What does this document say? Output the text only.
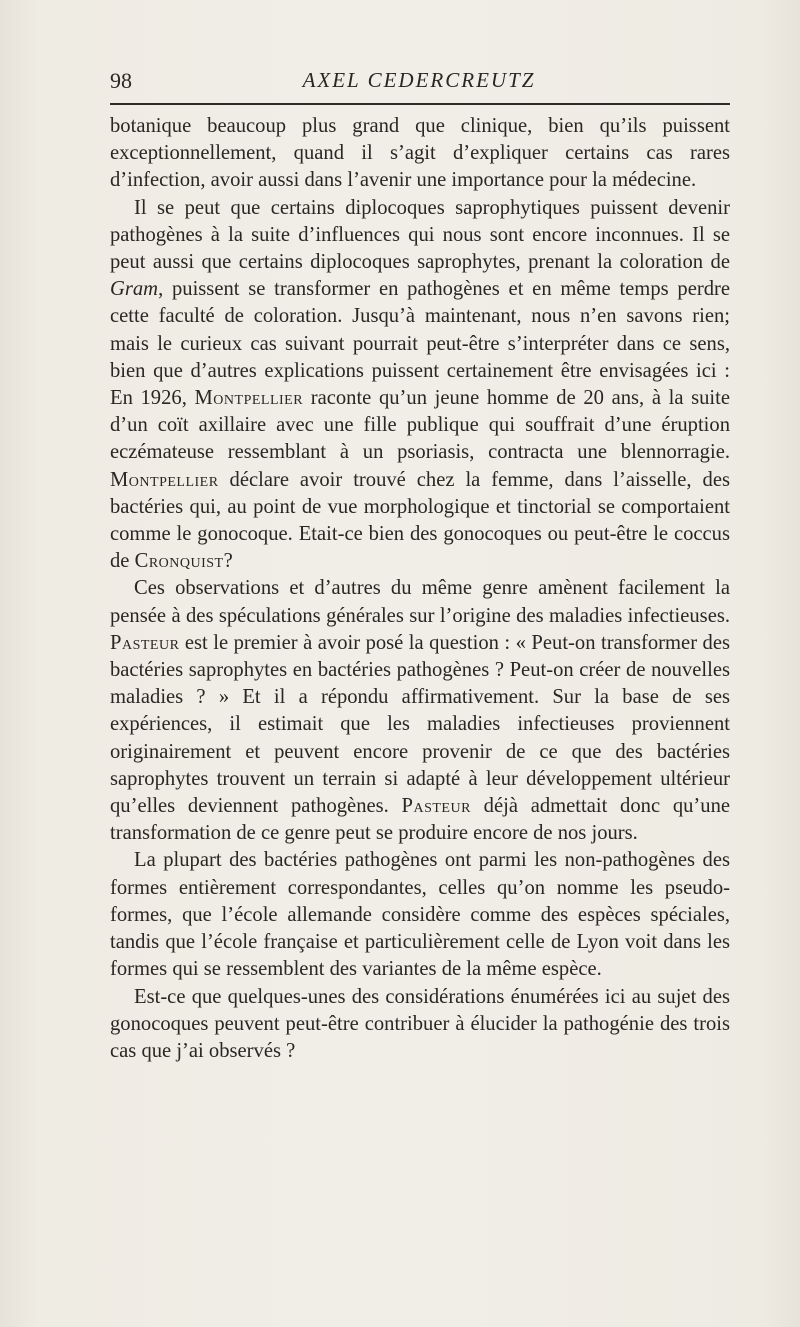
98	AXEL CEDERCREUTZ

botanique beaucoup plus grand que clinique, bien qu’ils puissent exceptionnellement, quand il s’agit d’expliquer certains cas rares d’infection, avoir aussi dans l’avenir une importance pour la médecine.

Il se peut que certains diplocoques saprophytiques puissent devenir pathogènes à la suite d’influences qui nous sont encore inconnues. Il se peut aussi que certains diplocoques saprophytes, prenant la coloration de Gram, puissent se transformer en pathogènes et en même temps perdre cette faculté de coloration. Jusqu’à maintenant, nous n’en savons rien; mais le curieux cas suivant pourrait peut-être s’interpréter dans ce sens, bien que d’autres explications puissent certainement être envisagées ici : En 1926, Montpellier raconte qu’un jeune homme de 20 ans, à la suite d’un coït axillaire avec une fille publique qui souffrait d’une éruption eczémateuse ressemblant à un psoriasis, contracta une blennorragie. Montpellier déclare avoir trouvé chez la femme, dans l’aisselle, des bactéries qui, au point de vue morphologique et tinctorial se comportaient comme le gonocoque. Etait-ce bien des gonocoques ou peut-être le coccus de Cronquist?

Ces observations et d’autres du même genre amènent facilement la pensée à des spéculations générales sur l’origine des maladies infectieuses. Pasteur est le premier à avoir posé la question : « Peut-on transformer des bactéries saprophytes en bactéries pathogènes ? Peut-on créer de nouvelles maladies ? » Et il a répondu affirmativement. Sur la base de ses expériences, il estimait que les maladies infectieuses proviennent originairement et peuvent encore provenir de ce que des bactéries saprophytes trouvent un terrain si adapté à leur développement ultérieur qu’elles deviennent pathogènes. Pasteur déjà admettait donc qu’une transformation de ce genre peut se produire encore de nos jours.

La plupart des bactéries pathogènes ont parmi les non-pathogènes des formes entièrement correspondantes, celles qu’on nomme les pseudo-formes, que l’école allemande considère comme des espèces spéciales, tandis que l’école française et particulièrement celle de Lyon voit dans les formes qui se ressemblent des variantes de la même espèce.

Est-ce que quelques-unes des considérations énumérées ici au sujet des gonocoques peuvent peut-être contribuer à élucider la pathogénie des trois cas que j’ai observés ?
